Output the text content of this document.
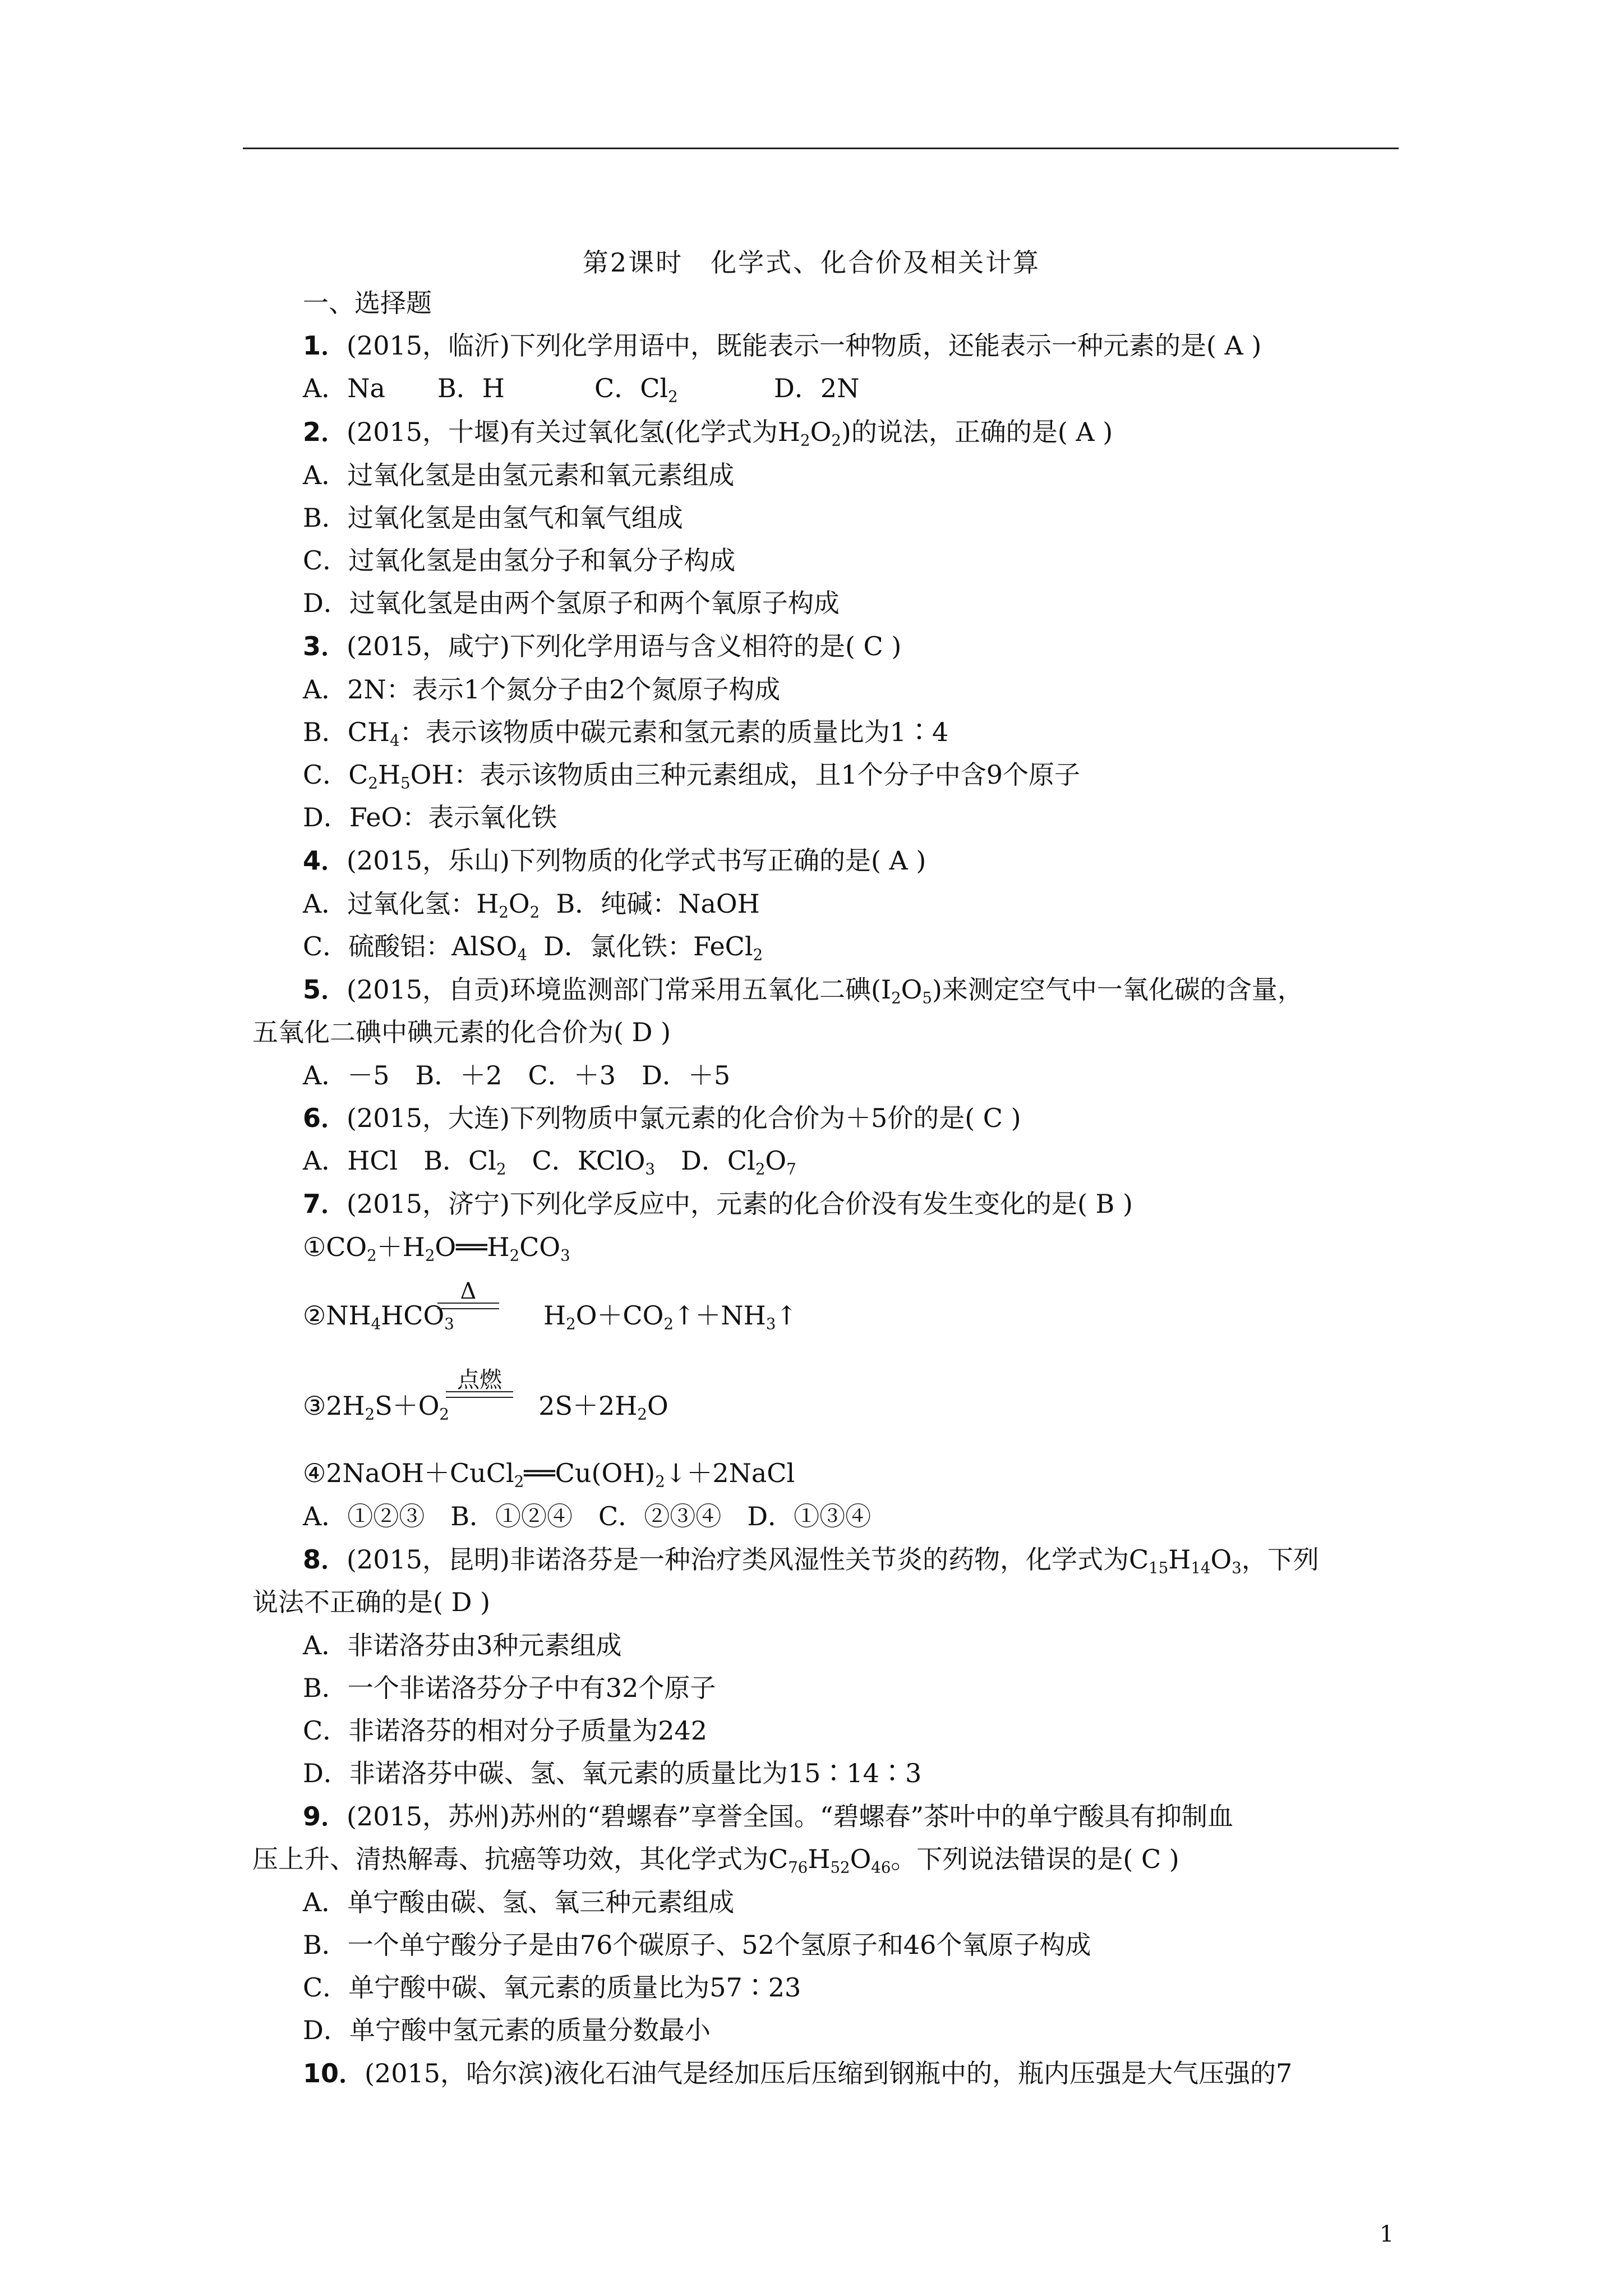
第2课时　化学式、化合价及相关计算
一、选择题
1．(2015，临沂)下列化学用语中，既能表示一种物质，还能表示一种元素的是( A )
A．Na B．H	C．$Cl_2$	D．2N
2．(2015，十堰)有关过氧化氢(化学式为$H_2O_2$)的说法，正确的是( A )
A．过氧化氢是由氢元素和氧元素组成
B．过氧化氢是由氢气和氧气组成
C．过氧化氢是由氢分子和氧分子构成
D．过氧化氢是由两个氢原子和两个氧原子构成
3．(2015，咸宁)下列化学用语与含义相符的是( C )
A．2N：表示1个氮分子由2个氮原子构成
B．$CH_4$：表示该物质中碳元素和氢元素的质量比为1∶4
C．$C_2H_5OH$：表示该物质由三种元素组成，且1个分子中含9个原子
D．FeO：表示氧化铁
4．(2015，乐山)下列物质的化学式书写正确的是( A )
A．过氧化氢：$H_2O_2$ B．纯碱：NaOH
C．硫酸铝：AlSO$_4$ D．氯化铁：FeCl$_2$
5．(2015，自贡)环境监测部门常采用五氧化二碘$(I_2O_5)$来测定空气中一氧化碳的含量，
五氧化二碘中碘元素的化合价为( D )
A．－5　B．＋2　C．＋3　D．＋5
6．(2015，大连)下列物质中氯元素的化合价为＋5价的是( C )
A．HCl　B．$Cl_2$　C．KClO$_3$　D．$Cl_2O_7$
7．(2015，济宁)下列化学反应中，元素的化合价没有发生变化的是( B )
$①CO_2+H_2O══H_2CO_3$
$②NH_4HCO_3$	$H_2O+CO_2↑+NH_3↑$
Δ
$③2H_2S+O_2$	$2S+2H_2O$
点燃
$④2NaOH+CuCl_2══Cu(OH)_2↓+2NaCl$
A．①②③　B．①②④　C．②③④　D．①③④
8．(2015，昆明)非诺洛芬是一种治疗类风湿性关节炎的药物，化学式为$C_{15}H_{14}O_3$，下列
说法不正确的是( D )
A．非诺洛芬由3种元素组成
B．一个非诺洛芬分子中有32个原子
C．非诺洛芬的相对分子质量为242
D．非诺洛芬中碳、氢、氧元素的质量比为15∶14∶3
9．(2015，苏州)苏州的“碧螺春”享誉全国。“碧螺春”茶叶中的单宁酸具有抑制血
压上升、清热解毒、抗癌等功效，其化学式为$C_{76}H_{52}O_{46}$。下列说法错误的是( C )
A．单宁酸由碳、氢、氧三种元素组成
B．一个单宁酸分子是由76个碳原子、52个氢原子和46个氧原子构成
C．单宁酸中碳、氧元素的质量比为57∶23
D．单宁酸中氢元素的质量分数最小
10．(2015，哈尔滨)液化石油气是经加压后压缩到钢瓶中的，瓶内压强是大气压强的7
1
